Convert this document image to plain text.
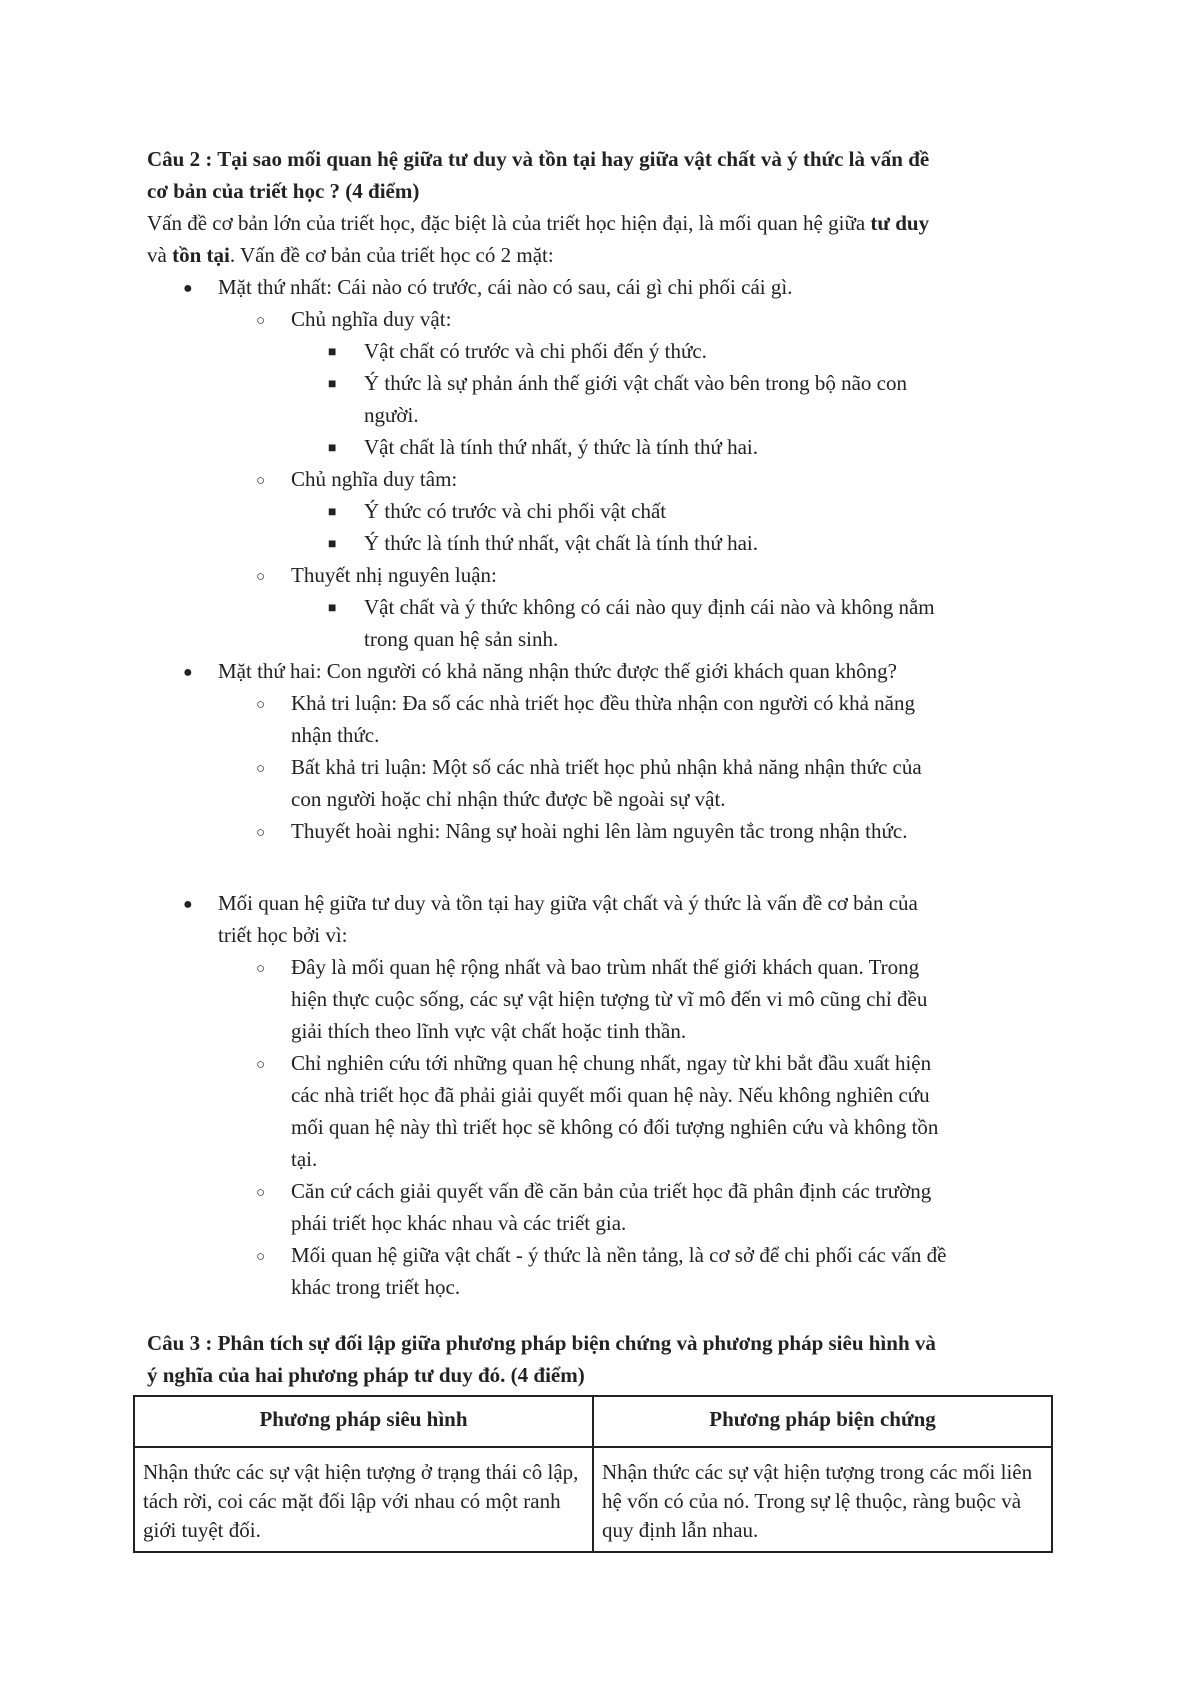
Câu 2 : Tại sao mối quan hệ giữa tư duy và tồn tại hay giữa vật chất và ý thức là vấn đề
cơ bản của triết học ? (4 điểm)
Vấn đề cơ bản lớn của triết học, đặc biệt là của triết học hiện đại, là mối quan hệ giữa tư duy
và tồn tại. Vấn đề cơ bản của triết học có 2 mặt:
● Mặt thứ nhất: Cái nào có trước, cái nào có sau, cái gì chi phối cái gì.
○ Chủ nghĩa duy vật:
■ Vật chất có trước và chi phối đến ý thức.
■ Ý thức là sự phản ánh thế giới vật chất vào bên trong bộ não con
người.
■ Vật chất là tính thứ nhất, ý thức là tính thứ hai.
○ Chủ nghĩa duy tâm:
■ Ý thức có trước và chi phối vật chất
■ Ý thức là tính thứ nhất, vật chất là tính thứ hai.
○ Thuyết nhị nguyên luận:
■ Vật chất và ý thức không có cái nào quy định cái nào và không nằm
trong quan hệ sản sinh.
● Mặt thứ hai: Con người có khả năng nhận thức được thế giới khách quan không?
○ Khả tri luận: Đa số các nhà triết học đều thừa nhận con người có khả năng
nhận thức.
○ Bất khả tri luận: Một số các nhà triết học phủ nhận khả năng nhận thức của
con người hoặc chỉ nhận thức được bề ngoài sự vật.
○ Thuyết hoài nghi: Nâng sự hoài nghi lên làm nguyên tắc trong nhận thức.
● Mối quan hệ giữa tư duy và tồn tại hay giữa vật chất và ý thức là vấn đề cơ bản của
triết học bởi vì:
○ Đây là mối quan hệ rộng nhất và bao trùm nhất thế giới khách quan. Trong
hiện thực cuộc sống, các sự vật hiện tượng từ vĩ mô đến vi mô cũng chỉ đều
giải thích theo lĩnh vực vật chất hoặc tinh thần.
○ Chỉ nghiên cứu tới những quan hệ chung nhất, ngay từ khi bắt đầu xuất hiện
các nhà triết học đã phải giải quyết mối quan hệ này. Nếu không nghiên cứu
mối quan hệ này thì triết học sẽ không có đối tượng nghiên cứu và không tồn
tại.
○ Căn cứ cách giải quyết vấn đề căn bản của triết học đã phân định các trường
phái triết học khác nhau và các triết gia.
○ Mối quan hệ giữa vật chất - ý thức là nền tảng, là cơ sở để chi phối các vấn đề
khác trong triết học.
Câu 3 : Phân tích sự đối lập giữa phương pháp biện chứng và phương pháp siêu hình và
ý nghĩa của hai phương pháp tư duy đó. (4 điểm)
Phương pháp siêu hình	Phương pháp biện chứng
Nhận thức các sự vật hiện tượng ở trạng thái cô lập, tách rời, coi các mặt đối lập với nhau có một ranh giới tuyệt đối.	Nhận thức các sự vật hiện tượng trong các mối liên hệ vốn có của nó. Trong sự lệ thuộc, ràng buộc và quy định lẫn nhau.
